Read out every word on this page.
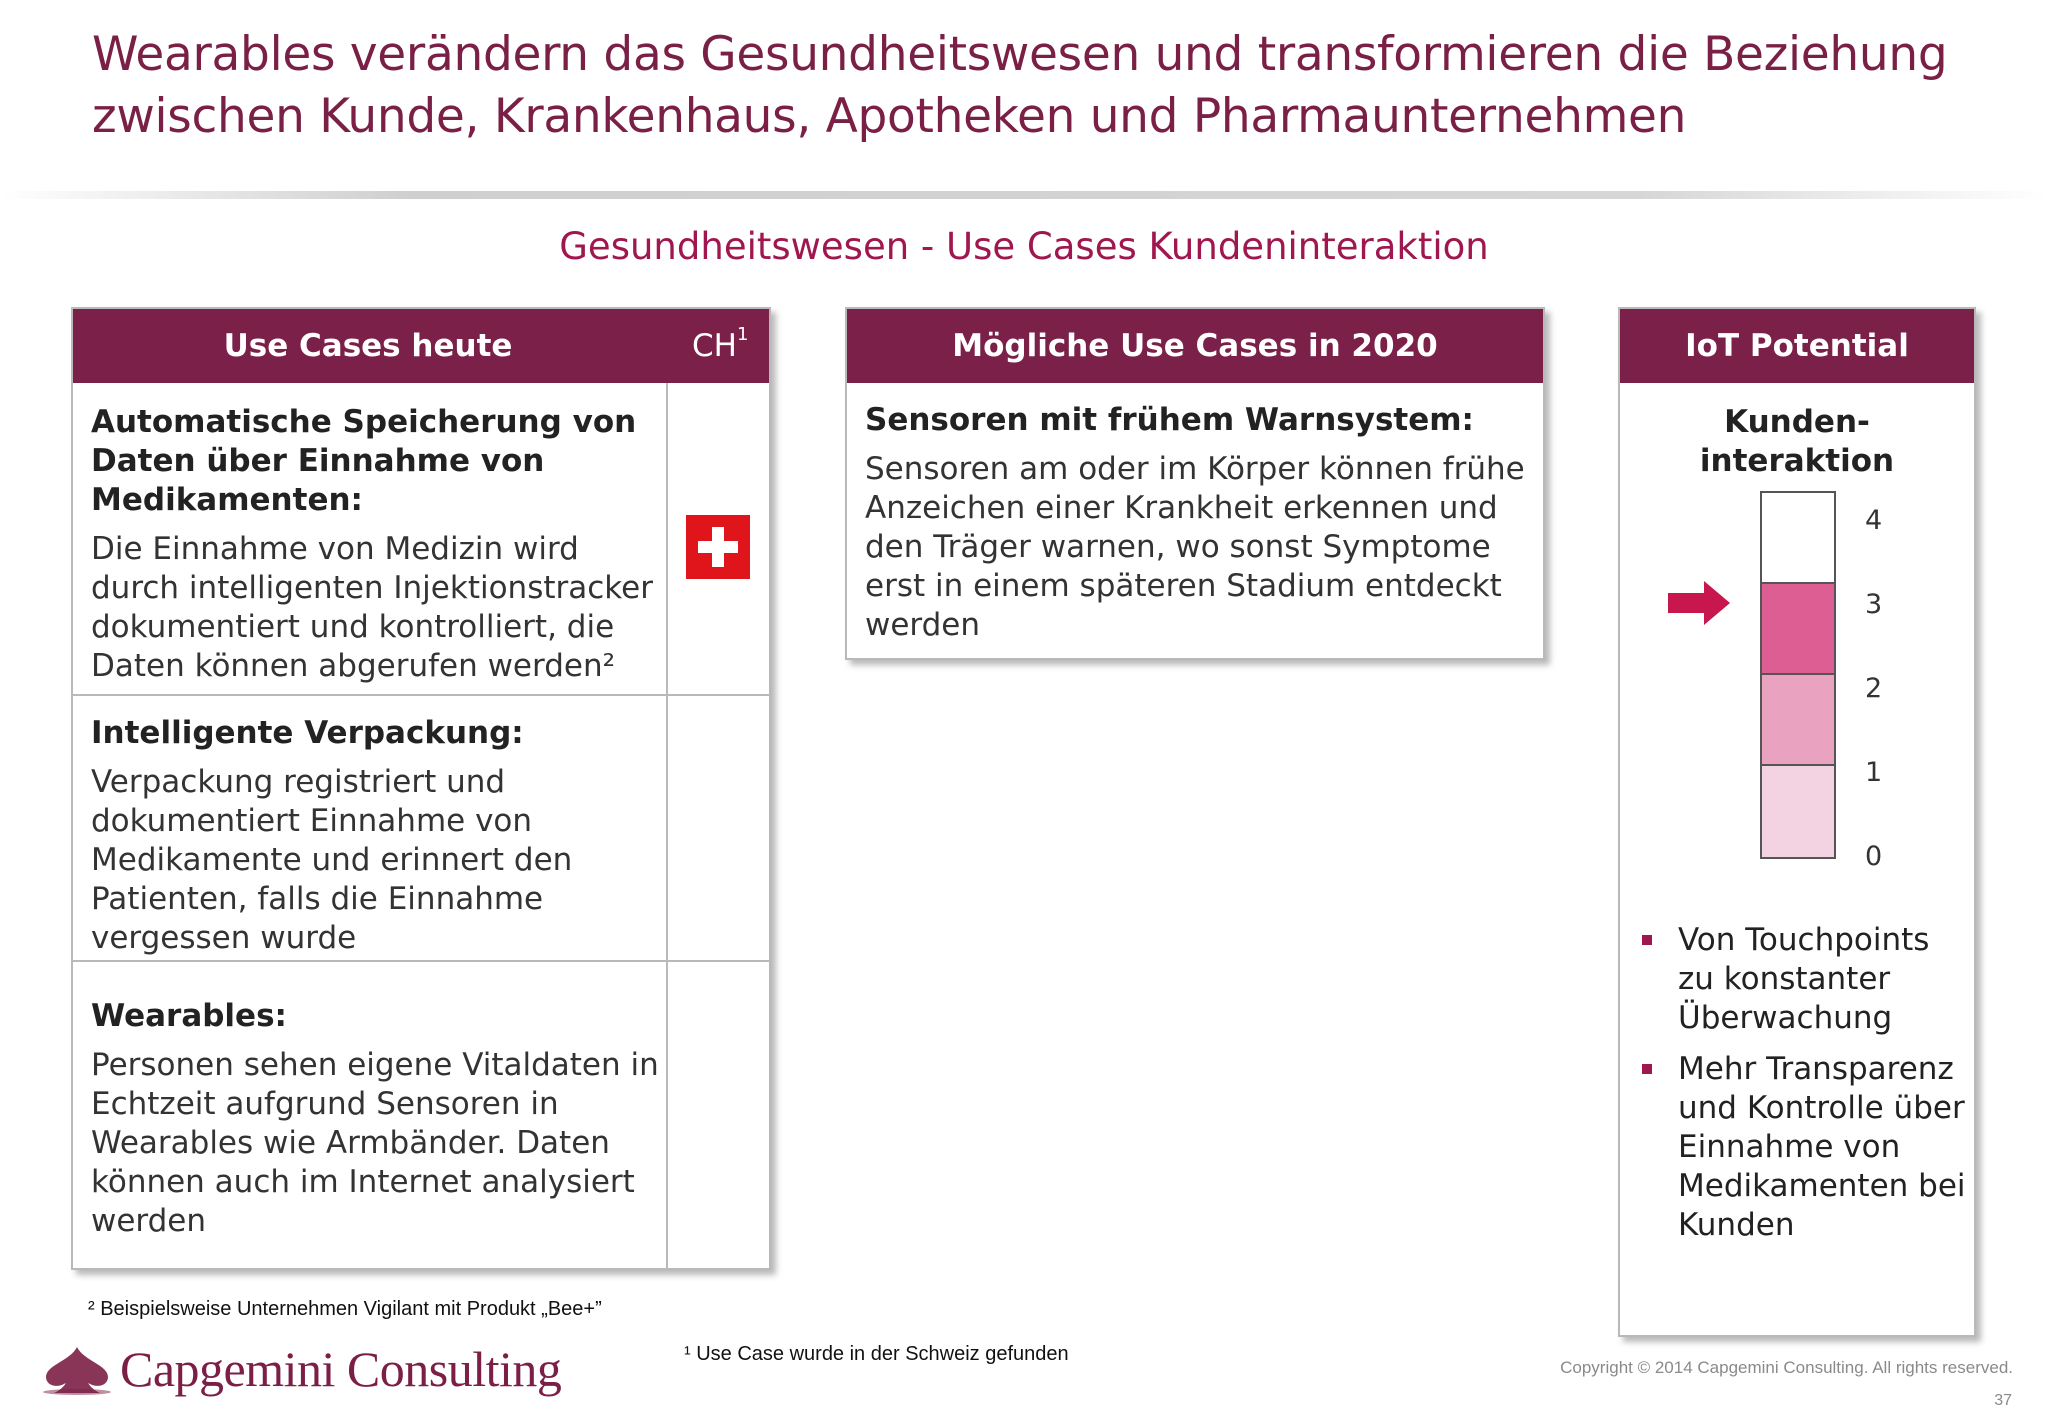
Wearables verändern das Gesundheitswesen und transformieren die Beziehung
zwischen Kunde, Krankenhaus, Apotheken und Pharmaunternehmen
Gesundheitswesen - Use Cases Kundeninteraktion
Use Cases heute	$CH^1$
Automatische Speicherung von Daten über Einnahme von Medikamenten:
Die Einnahme von Medizin wird durch intelligenten Injektionstracker dokumentiert und kontrolliert, die Daten können abgerufen werden²
Intelligente Verpackung:
Verpackung registriert und dokumentiert Einnahme von Medikamente und erinnert den Patienten, falls die Einnahme vergessen wurde
Wearables:
Personen sehen eigene Vitaldaten in Echtzeit aufgrund Sensoren in Wearables wie Armbänder. Daten können auch im Internet analysiert werden
Mögliche Use Cases in 2020
Sensoren mit frühem Warnsystem:
Sensoren am oder im Körper können frühe Anzeichen einer Krankheit erkennen und den Träger warnen, wo sonst Symptome erst in einem späteren Stadium entdeckt werden
IoT Potential
Kunden-
interaktion
4
3
2
1
0
Von Touchpoints zu konstanter Überwachung
Mehr Transparenz und Kontrolle über Einnahme von Medikamenten bei Kunden
² Beispielsweise Unternehmen Vigilant mit Produkt „Bee+”
¹ Use Case wurde in der Schweiz gefunden
Capgemini Consulting	Copyright © 2014 Capgemini Consulting. All rights reserved.
37
